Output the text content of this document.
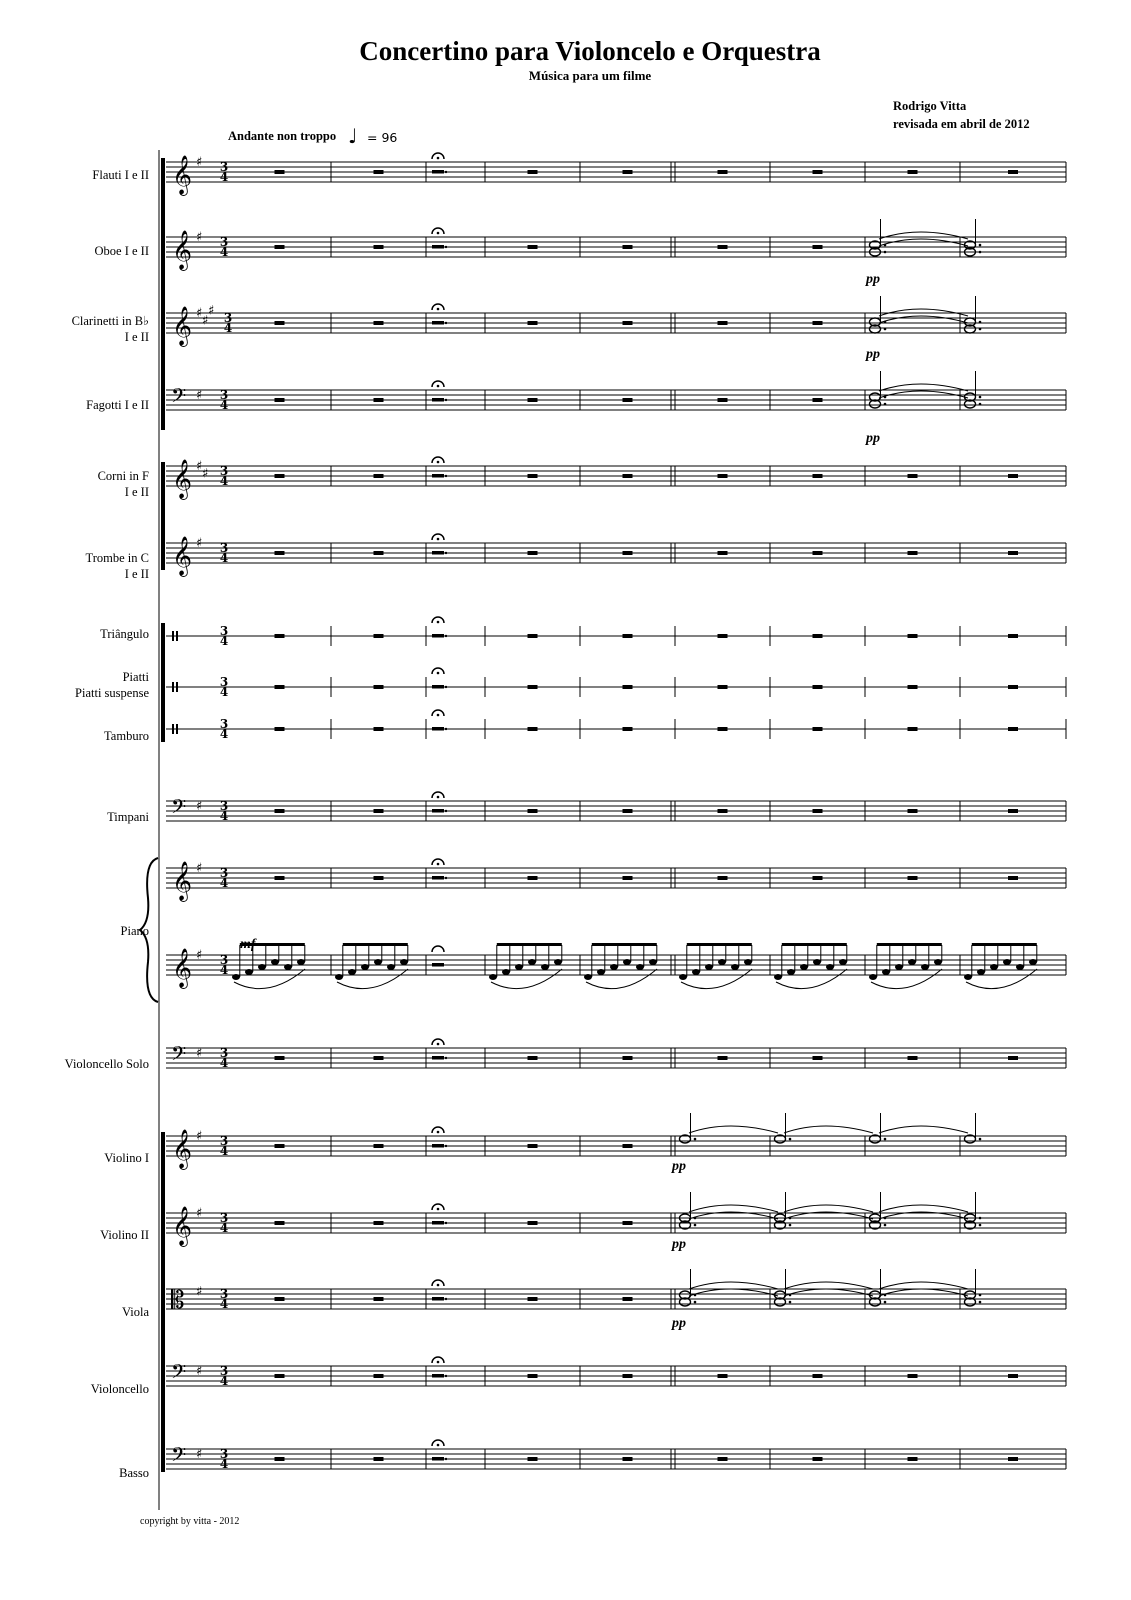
Concertino para Violoncelo e Orquestra
Música para um filme
Rodrigo Vitta
revisada em abril de 2012
Andante non troppo ♩ = 96
Flauti I e II
Oboe I e II
Clarinetti in B♭
I e II
Fagotti I e II
Corni in F
I e II
Trombe in C
I e II
Triângulo
Piatti
Piatti suspense
Tamburo
Timpani
Piano
Violoncello Solo
Violino I
Violino II
Viola
Violoncello
Basso
𝄞 ♯ 3
4
𝄞 ♯ 3
4
𝄞 ♯ ♯
♯ 3
4
𝄢 ♯ 3
4
𝄞 ♯ ♯ 3
4
𝄞 ♯ 3
4
𝄢 ♯ 3
4
𝄞 ♯ 3
4
𝄞 ♯ 3
4
𝄞 ♯ 3
4
𝄡 ♯ 3
4
𝄢 ♯ 3
4
𝄢 ♯ 3
4
𝄞 ♯ 3
4
𝄢 ♯ 3
4
3
4
3
4
3
4
mf
pp
pp
pp
pp
pp
pp
copyright by vitta - 2012
